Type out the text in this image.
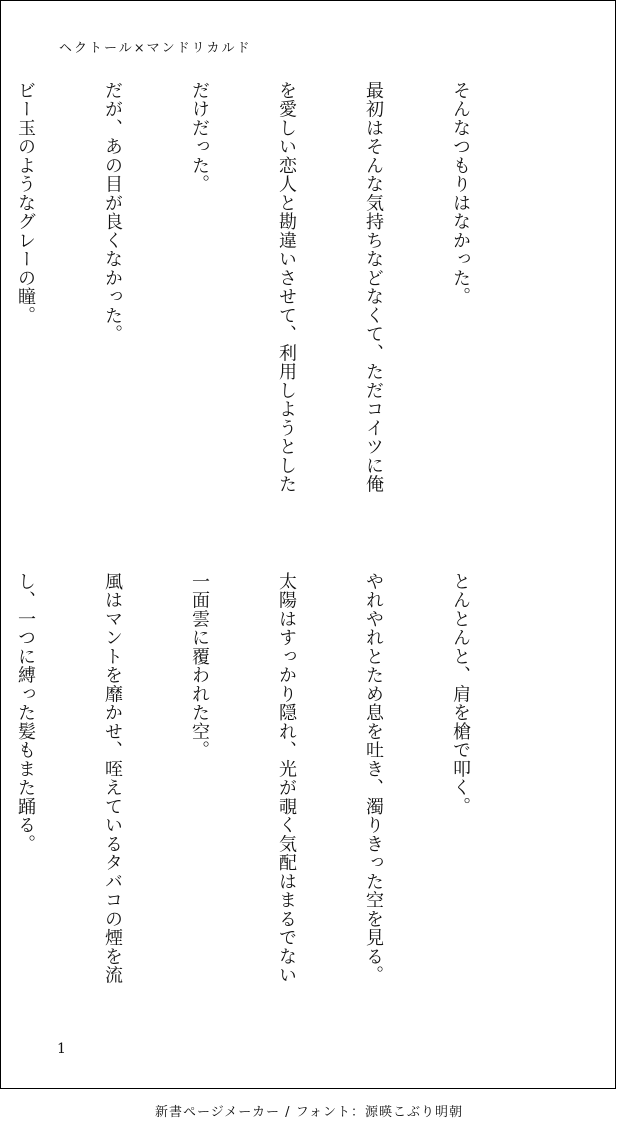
ヘクトール×マンドリカルド

そんなつもりはなかった。

最初はそんな気持ちなどなくて、ただコイツに俺

を愛しい恋人と勘違いさせて、利用しようとした

だけだった。

だが、あの目が良くなかった。

ビー玉のようなグレーの瞳。

とんとんと、肩を槍で叩く。

やれやれとため息を吐き、濁りきった空を見る。

太陽はすっかり隠れ、光が覗く気配はまるでない

一面雲に覆われた空。

風はマントを靡かせ、咥えているタバコの煙を流

し、一つに縛った髪もまた踊る。

1
新書ページメーカー / フォント：源暎こぶり明朝
